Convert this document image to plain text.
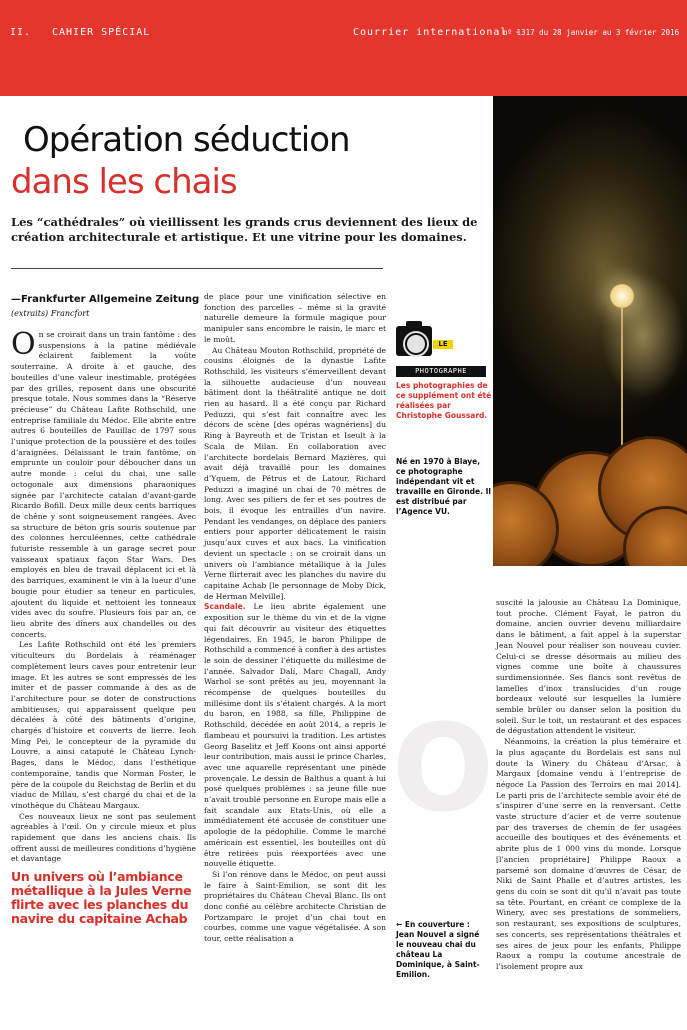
II. CAHIER SPÉCIAL	Courrier international -
nº 1317 du 28 janvier au 3 février 2016
O
Opération séduction
dans les chais
Les “cathédrales” où vieillissent les grands crus deviennent des lieux de création architecturale et artistique. Et une vitrine pour les domaines.
—Frankfurter Allgemeine Zeitung
(extraits) Francfort

On se croirait dans un train fantôme : des suspensions à la patine médiévale éclairent faiblement la voûte souterraine. A droite à et gauche, des bouteilles d’une valeur inestimable, protégées par des grilles, reposent dans une obscurité presque totale. Nous sommes dans la “Réserve précieuse” du Château Lafite Rothschild, une entreprise familiale du Médoc. Elle abrite entre autres 6 bouteilles de Pauillac de 1797 sous l’unique protection de la poussière et des toiles d’araignées. Délaissant le train fantôme, on emprunte un couloir pour déboucher dans un autre monde : celui du chai, une salle octogonale aux dimensions pharaoniques signée par l’architecte catalan d’avant-garde Ricardo Bofill. Deux mille deux cents barriques de chêne y sont soigneusement rangées. Avec sa structure de béton gris souris soutenue par des colonnes herculéennes, cette cathédrale futuriste ressemble à un garage secret pour vaisseaux spatiaux façon Star Wars. Des employés en bleu de travail déplacent ici et là des barriques, examinent le vin à la lueur d’une bougie pour étudier sa teneur en particules, ajoutent du liquide et nettoient les tonneaux vides avec du soufre. Plusieurs fois par an, ce lieu abrite des dîners aux chandelles ou des concerts.

Les Lafite Rothschild ont été les premiers viticulteurs du Bordelais à réaménager complètement leurs caves pour entretenir leur image. Et les autres se sont empressés de les imiter et de passer commande à des as de l’architecture pour se doter de constructions ambitieuses, qui apparaissent quelque peu décalées à côté des bâtiments d’origine, chargés d’histoire et couverts de lierre. Ieoh Ming Pei, le concepteur de la pyramide du Louvre, a ainsi cataputé le Château Lynch-Bages, dans le Médoc, dans l’esthétique contemporaine, tandis que Norman Foster, le père de la coupole du Reichstag de Berlin et du viaduc de Millau, s’est chargé du chai et de la vinothèque du Château Margaux.

Ces nouveaux lieux ne sont pas seulement agréables à l’œil. On y circule mieux et plus rapidement que dans les anciens chais. Ils offrent aussi de meilleures conditions d’hygiène et davantage

Un univers où l’ambiance métallique à la Jules Verne flirte avec les planches du navire du capitaine Achab

de place pour une vinification sélective en fonction des parcelles – même si la gravité naturelle demeure la formule magique pour manipuler sans encombre le raisin, le marc et le moût.

Au Château Mouton Rothschild, propriété de cousins éloignés de la dynastie Lafite Rothschild, les visiteurs s’émerveillent devant la silhouette audacieuse d’un nouveau bâtiment dont la théâtralité antique ne doit rien au hasard. Il a été conçu par Richard Peduzzi, qui s’est fait connaître avec les décors de scène [des opéras wagnériens] du Ring à Bayreuth et de Tristan et Iseult à la Scala de Milan. En collaboration avec l’architecte bordelais Bernard Mazières, qui avait déjà travaillé pour les domaines d’Yquem, de Pétrus et de Latour, Richard Peduzzi a imaginé un chai de 70 mètres de long. Avec ses piliers de fer et ses poutres de bois, il évoque les entrailles d’un navire. Pendant les vendanges, on déplace des paniers entiers pour apporter délicatement le raisin jusqu’aux cuves et aux bacs. La vinification devient un spectacle : on se croirait dans un univers où l’ambiance métallique à la Jules Verne flirterait avec les planches du navire du capitaine Achab [le personnage de Moby Dick, de Herman Melville].

Scandale. Le lieu abrite également une exposition sur le thème du vin et de la vigne qui fait découvrir au visiteur des étiquettes légendaires. En 1945, le baron Philippe de Rothschild a commencé à confier à des artistes le soin de dessiner l’étiquette du millésime de l’année. Salvador Dalí, Marc Chagall, Andy Warhol se sont prêtés au jeu, moyennant la récompense de quelques bouteilles du millésime dont ils s’étaient chargés. A la mort du baron, en 1988, sa fille, Philippine de Rothschild, décédée en août 2014, a repris le flambeau et poursuivi la tradition. Les artistes Georg Baselitz et Jeff Koons ont ainsi apporté leur contribution, mais aussi le prince Charles, avec une aquarelle représentant une pinède provençale. Le dessin de Balthus a quant à lui posé quelques problèmes : sa jeune fille nue n’avait troublé personne en Europe mais elle a fait scandale aux Etats-Unis, où elle a immédiatement été accusée de constituer une apologie de la pédophilie. Comme le marché américain est essentiel, les bouteilles ont dû être retirées puis réexportées avec une nouvelle étiquette.

Si l’on rénove dans le Médoc, on peut aussi le faire à Saint-Emilion, se sont dit les propriétaires du Château Cheval Blanc. Ils ont donc confié au célèbre architecte Christian de Portzamparc le projet d’un chai tout en courbes, comme une vague végétalisée. A son tour, cette réalisation a

LE
PHOTOGRAPHE
Les photographies de ce supplément ont été réalisées par Christophe Goussard.
Né en 1970 à Blaye, ce photographe indépendant vit et travaille en Gironde. Il est distribué par l’Agence VU.

suscité la jalousie au Château La Dominique, tout proche. Clément Fayat, le patron du domaine, ancien ouvrier devenu milliardaire dans le bâtiment, a fait appel à la superstar Jean Nouvel pour réaliser son nouveau cuvier. Celui-ci se dresse désormais au milieu des vignes comme une boîte à chaussures surdimensionnée. Ses flancs sont revêtus de lamelles d’inox translucides d’un rouge bordeaux velouté sur lesquelles la lumière semble brûler ou danser selon la position du soleil. Sur le toit, un restaurant et des espaces de dégustation attendent le visiteur.

Néanmoins, la création la plus téméraire et la plus agaçante du Bordelais est sans nul doute la Winery du Château d’Arsac, à Margaux [domaine vendu à l’entreprise de négoce La Passion des Terroirs en mai 2014]. Le parti pris de l’architecte semble avoir été de s’inspirer d’une serre en la renversant. Cette vaste structure d’acier et de verre soutenue par des traverses de chemin de fer usagées accueille des boutiques et des événements et abrite plus de 1 000 vins du monde. Lorsque [l’ancien propriétaire] Philippe Raoux a parsemé son domaine d’œuvres de César, de Niki de Saint Phalle et d’autres artistes, les gens du coin se sont dit qu’il n’avait pas toute sa tête. Pourtant, en créant ce complexe de la Winery, avec ses prestations de sommeliers, son restaurant, ses expositions de sculptures, ses concerts, ses représentations théâtrales et ses aires de jeux pour les enfants, Philippe Raoux a rompu la coutume ancestrale de l’isolement propre aux

← En couverture : Jean Nouvel a signé le nouveau chai du château La Dominique, à Saint-Emilion.
